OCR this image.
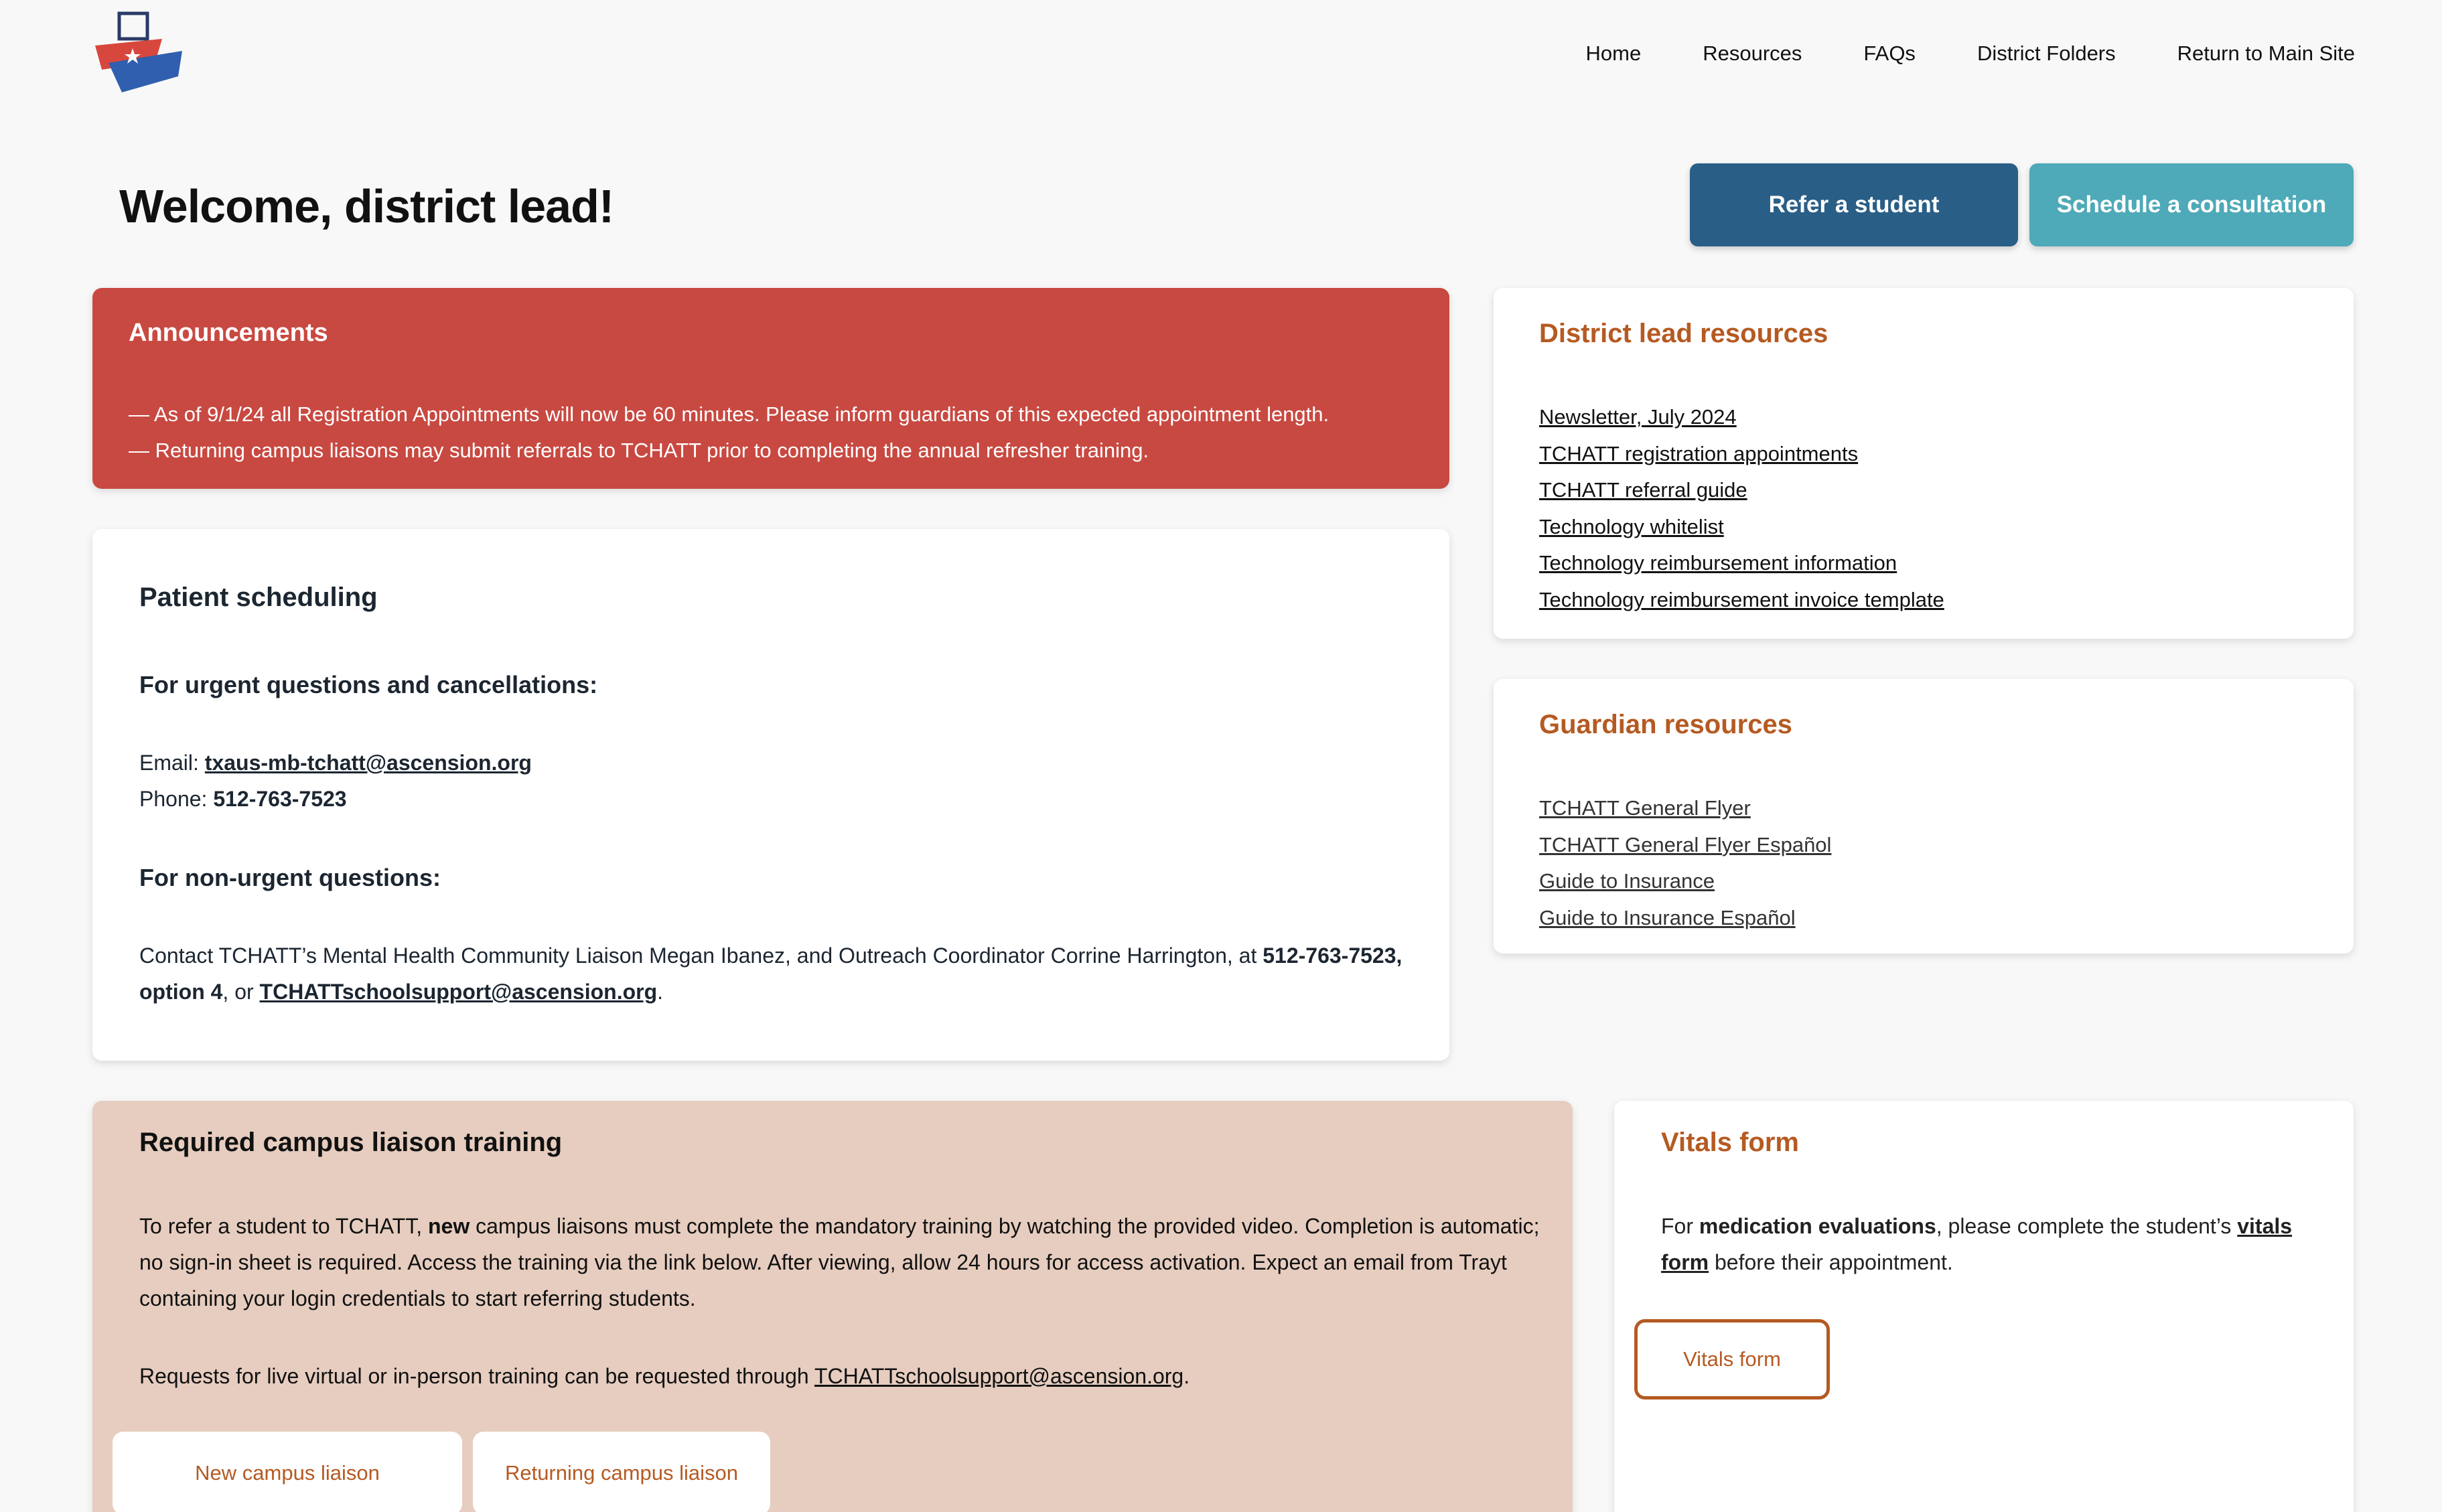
Home	Resources	FAQs	District Folders	Return to Main Site
Welcome, district lead!	Refer a student	Schedule a consultation
Announcements
— As of 9/1/24 all Registration Appointments will now be 60 minutes. Please inform guardians of this expected appointment length.
— Returning campus liaisons may submit referrals to TCHATT prior to completing the annual refresher training.
Patient scheduling
For urgent questions and cancellations:
Email: txaus-mb-tchatt@ascension.org
Phone: 512-763-7523
For non-urgent questions:
Contact TCHATT’s Mental Health Community Liaison Megan Ibanez, and Outreach Coordinator Corrine Harrington, at 512-763-7523, option 4, or TCHATTschoolsupport@ascension.org.
District lead resources
Newsletter, July 2024
TCHATT registration appointments
TCHATT referral guide
Technology whitelist
Technology reimbursement information
Technology reimbursement invoice template
Guardian resources
TCHATT General Flyer
TCHATT General Flyer Español
Guide to Insurance
Guide to Insurance Español
Required campus liaison training
To refer a student to TCHATT, new campus liaisons must complete the mandatory training by watching the provided video. Completion is automatic; no sign-in sheet is required. Access the training via the link below. After viewing, allow 24 hours for access activation. Expect an email from Trayt containing your login credentials to start referring students.
Requests for live virtual or in-person training can be requested through TCHATTschoolsupport@ascension.org.
New campus liaison	Returning campus liaison
Vitals form
For medication evaluations, please complete the student’s vitals form before their appointment.
Vitals form
